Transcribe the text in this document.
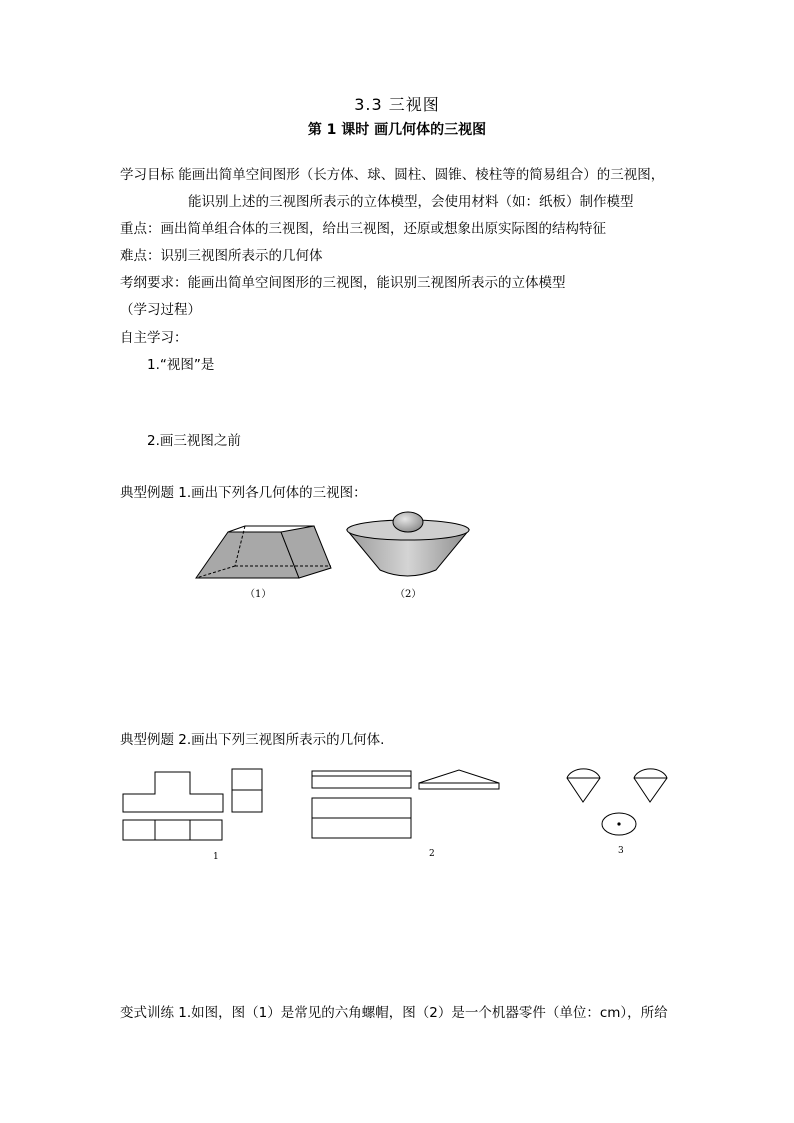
3.3 三视图
第 1 课时 画几何体的三视图
学习目标 能画出简单空间图形（长方体、球、圆柱、圆锥、棱柱等的简易组合）的三视图，
能识别上述的三视图所表示的立体模型，会使用材料（如：纸板）制作模型
重点：画出简单组合体的三视图，给出三视图，还原或想象出原实际图的结构特征
难点：识别三视图所表示的几何体
考纲要求：能画出简单空间图形的三视图，能识别三视图所表示的立体模型
（学习过程）
自主学习：
1.“视图”是
2.画三视图之前
典型例题 1.画出下列各几何体的三视图：
（1）	（2）
典型例题 2.画出下列三视图所表示的几何体.
1	2	3
变式训练 1.如图，图（1）是常见的六角螺帽，图（2）是一个机器零件（单位：cm），所给
